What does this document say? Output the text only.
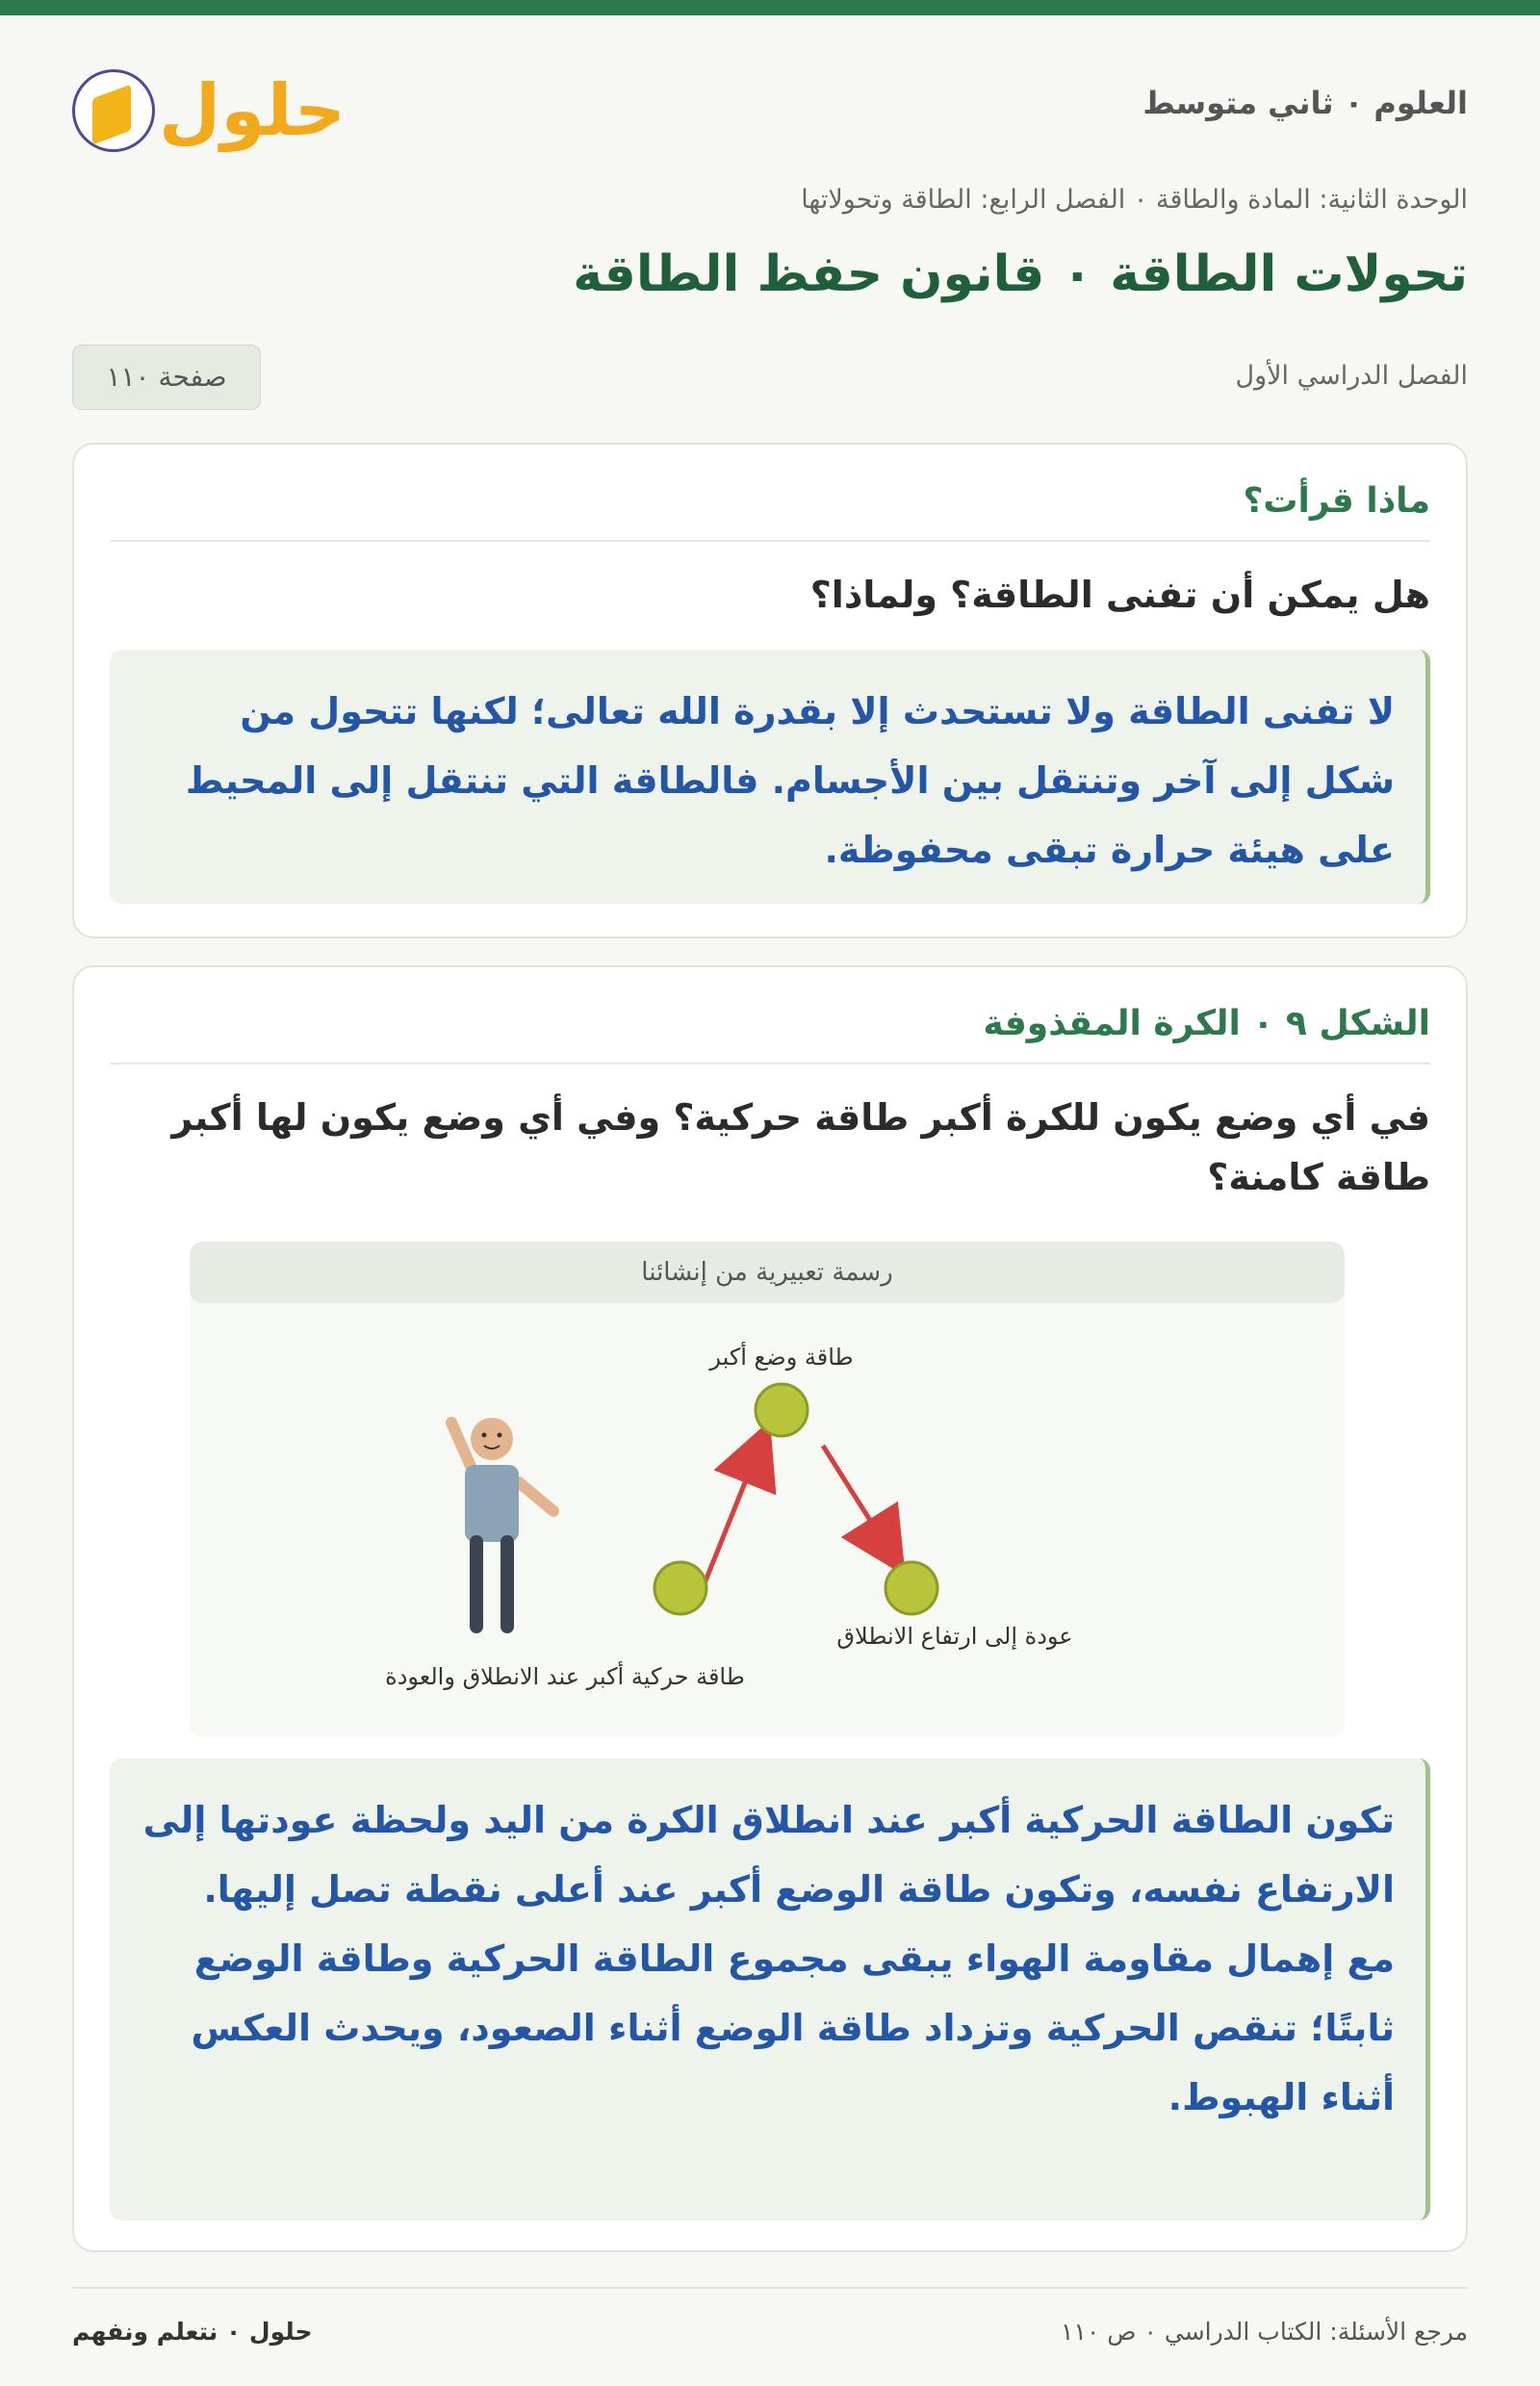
العلوم ٠ ثاني متوسط
حلول
الوحدة الثانية: المادة والطاقة ٠ الفصل الرابع: الطاقة وتحولاتها
تحولات الطاقة ٠ قانون حفظ الطاقة
الفصل الدراسي الأول
صفحة ١١٠
ماذا قرأت؟
هل يمكن أن تفنى الطاقة؟ ولماذا؟

لا تفنى الطاقة ولا تستحدث إلا بقدرة الله تعالى؛ لكنها تتحول من شكل إلى آخر وتنتقل بين الأجسام. فالطاقة التي تنتقل إلى المحيط على هيئة حرارة تبقى محفوظة.

الشكل ٩ ٠ الكرة المقذوفة
في أي وضع يكون للكرة أكبر طاقة حركية؟ وفي أي وضع يكون لها أكبر طاقة كامنة؟
طاقة وضع أكبر
طاقة حركية أكبر عند الانطلاق والعودة
عودة إلى ارتفاع الانطلاق
رسمة تعبيرية من إنشائنا

تكون الطاقة الحركية أكبر عند انطلاق الكرة من اليد ولحظة عودتها إلى الارتفاع نفسه، وتكون طاقة الوضع أكبر عند أعلى نقطة تصل إليها.

مع إهمال مقاومة الهواء يبقى مجموع الطاقة الحركية وطاقة الوضع ثابتًا؛ تنقص الحركية وتزداد طاقة الوضع أثناء الصعود، ويحدث العكس أثناء الهبوط.

مرجع الأسئلة: الكتاب الدراسي ٠ ص ١١٠
حلول ٠ نتعلم ونفهم
